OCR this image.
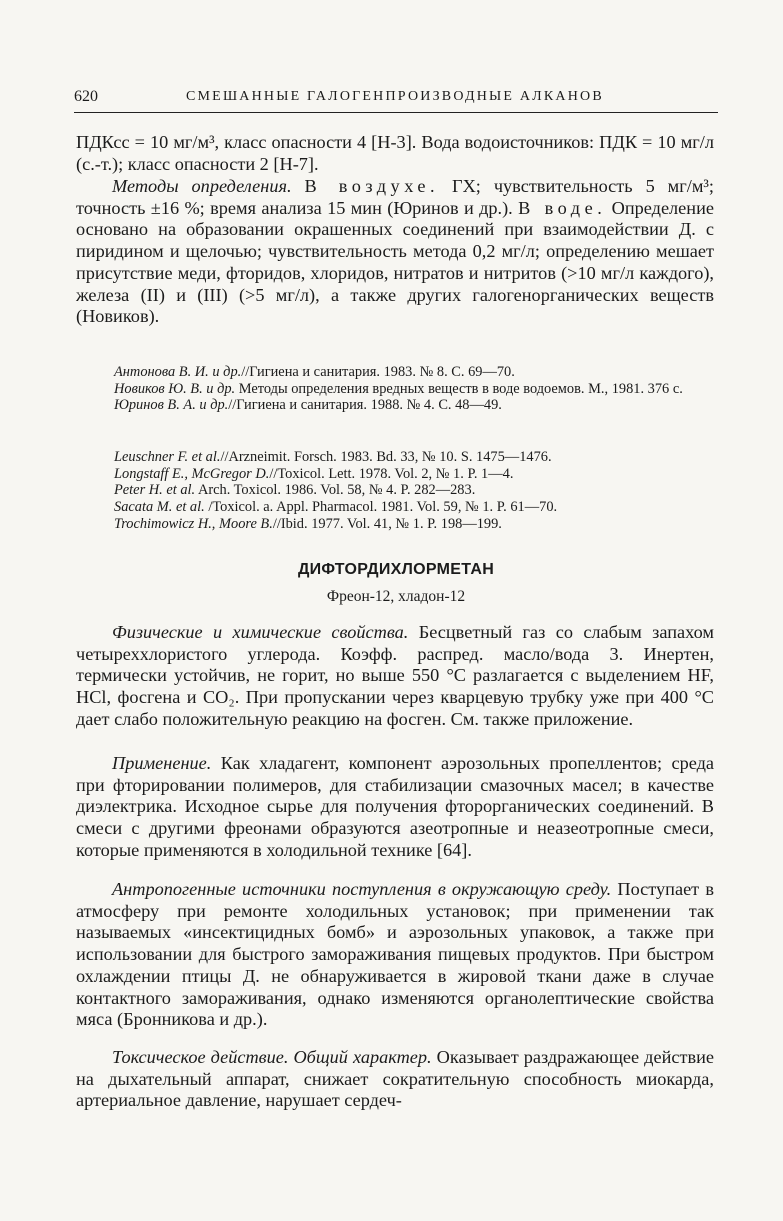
620	СМЕШАННЫЕ ГАЛОГЕНПРОИЗВОДНЫЕ АЛКАНОВ

ПДКсс = 10 мг/м³, класс опасности 4 [Н-3]. Вода водоисточников: ПДК = 10 мг/л (с.-т.); класс опасности 2 [Н-7].

Методы определения. В воздухе. ГХ; чувствительность 5 мг/м³; точность ±16 %; время анализа 15 мин (Юринов и др.). В воде. Определение основано на образовании окрашенных соединений при взаимодействии Д. с пиридином и щелочью; чувствительность метода 0,2 мг/л; определению мешает присутствие меди, фторидов, хлоридов, нитратов и нитритов (>10 мг/л каждого), железа (II) и (III) (>5 мг/л), а также других галогенорганических веществ (Новиков).

Антонова В. И. и др.//Гигиена и санитария. 1983. № 8. С. 69—70.
Новиков Ю. В. и др. Методы определения вредных веществ в воде водоемов. М., 1981. 376 с.
Юринов В. А. и др.//Гигиена и санитария. 1988. № 4. С. 48—49.
Leuschner F. et al.//Arzneimit. Forsch. 1983. Bd. 33, № 10. S. 1475—1476.
Longstaff E., McGregor D.//Toxicol. Lett. 1978. Vol. 2, № 1. P. 1—4.
Peter H. et al. Arch. Toxicol. 1986. Vol. 58, № 4. P. 282—283.
Sacata M. et al. /Toxicol. a. Appl. Pharmacol. 1981. Vol. 59, № 1. P. 61—70.
Trochimowicz H., Moore B.//Ibid. 1977. Vol. 41, № 1. P. 198—199.
ДИФТОРДИХЛОРМЕТАН
Фреон-12, хладон-12

Физические и химические свойства. Бесцветный газ со слабым запахом четыреххлористого углерода. Коэфф. распред. масло/вода 3. Инертен, термически устойчив, не горит, но выше 550 °С разлагается с выделением HF, HCl, фосгена и CO₂. При пропускании через кварцевую трубку уже при 400 °С дает слабо положительную реакцию на фосген. См. также приложение.

Применение. Как хладагент, компонент аэрозольных пропеллентов; среда при фторировании полимеров, для стабилизации смазочных масел; в качестве диэлектрика. Исходное сырье для получения фторорганических соединений. В смеси с другими фреонами образуются азеотропные и неазеотропные смеси, которые применяются в холодильной технике [64].

Антропогенные источники поступления в окружающую среду. Поступает в атмосферу при ремонте холодильных установок; при применении так называемых «инсектицидных бомб» и аэрозольных упаковок, а также при использовании для быстрого замораживания пищевых продуктов. При быстром охлаждении птицы Д. не обнаруживается в жировой ткани даже в случае контактного замораживания, однако изменяются органолептические свойства мяса (Бронникова и др.).

Токсическое действие. Общий характер. Оказывает раздражающее действие на дыхательный аппарат, снижает сократительную способность миокарда, артериальное давление, нарушает сердеч-
